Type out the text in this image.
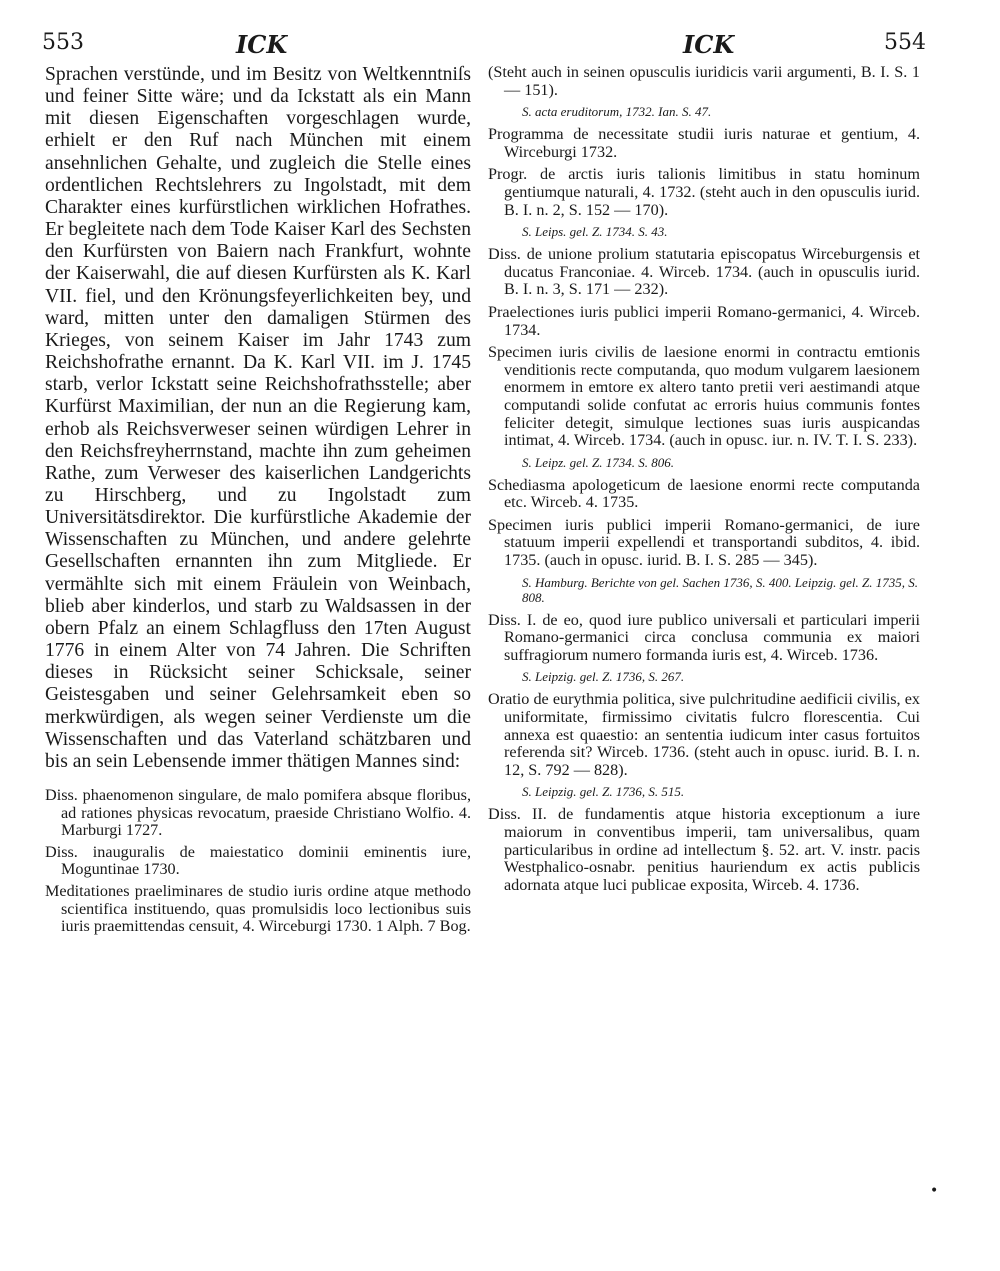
553	ICK	ICK	554

Sprachen verstünde, und im Besitz von Weltkenntniſs und feiner Sitte wäre; und da Ickstatt als ein Mann mit diesen Eigenschaften vorgeschlagen wurde, erhielt er den Ruf nach München mit einem ansehnlichen Gehalte, und zugleich die Stelle eines ordentlichen Rechtslehrers zu Ingolstadt, mit dem Charakter eines kurfürstlichen wirklichen Hofrathes. Er begleitete nach dem Tode Kaiser Karl des Sechsten den Kurfürsten von Baiern nach Frankfurt, wohnte der Kaiserwahl, die auf diesen Kurfürsten als K. Karl VII. fiel, und den Krönungsfeyerlichkeiten bey, und ward, mitten unter den damaligen Stürmen des Krieges, von seinem Kaiser im Jahr 1743 zum Reichshofrathe ernannt. Da K. Karl VII. im J. 1745 starb, verlor Ickstatt seine Reichshofrathsstelle; aber Kurfürst Maximilian, der nun an die Regierung kam, erhob als Reichsverweser seinen würdigen Lehrer in den Reichsfreyherrnstand, machte ihn zum geheimen Rathe, zum Verweser des kaiserlichen Landgerichts zu Hirschberg, und zu Ingolstadt zum Universitätsdirektor. Die kurfürstliche Akademie der Wissenschaften zu München, und andere gelehrte Gesellschaften ernannten ihn zum Mitgliede. Er vermählte sich mit einem Fräulein von Weinbach, blieb aber kinderlos, und starb zu Waldsassen in der obern Pfalz an einem Schlagfluss den 17ten August 1776 in einem Alter von 74 Jahren. Die Schriften dieses in Rücksicht seiner Schicksale, seiner Geistesgaben und seiner Gelehrsamkeit eben so merkwürdigen, als wegen seiner Verdienste um die Wissenschaften und das Vaterland schätzbaren und bis an sein Lebensende immer thätigen Mannes sind:

Diss. phaenomenon singulare, de malo pomifera absque floribus, ad rationes physicas revocatum, praeside Christiano Wolfio. 4. Marburgi 1727.

Diss. inauguralis de maiestatico dominii eminentis iure, Moguntinae 1730.

Meditationes praeliminares de studio iuris ordine atque methodo scientifica instituendo, quas promulsidis loco lectionibus suis iuris praemittendas censuit, 4. Wirceburgi 1730. 1 Alph. 7 Bog.

(Steht auch in seinen opusculis iuridicis varii argumenti, B. I. S. 1 — 151).

S. acta eruditorum, 1732. Ian. S. 47.

Programma de necessitate studii iuris naturae et gentium, 4. Wirceburgi 1732.

Progr. de arctis iuris talionis limitibus in statu hominum gentiumque naturali, 4. 1732. (steht auch in den opusculis iurid. B. I. n. 2, S. 152 — 170).

S. Leips. gel. Z. 1734. S. 43.

Diss. de unione prolium statutaria episcopatus Wirceburgensis et ducatus Franconiae. 4. Wirceb. 1734. (auch in opusculis iurid. B. I. n. 3, S. 171 — 232).

Praelectiones iuris publici imperii Romano-germanici, 4. Wirceb. 1734.

Specimen iuris civilis de laesione enormi in contractu emtionis venditionis recte computanda, quo modum vulgarem laesionem enormem in emtore ex altero tanto pretii veri aestimandi atque computandi solide confutat ac erroris huius communis fontes feliciter detegit, simulque lectiones suas iuris auspicandas intimat, 4. Wirceb. 1734. (auch in opusc. iur. n. IV. T. I. S. 233).

S. Leipz. gel. Z. 1734. S. 806.

Schediasma apologeticum de laesione enormi recte computanda etc. Wirceb. 4. 1735.

Specimen iuris publici imperii Romano-germanici, de iure statuum imperii expellendi et transportandi subditos, 4. ibid. 1735. (auch in opusc. iurid. B. I. S. 285 — 345).

S. Hamburg. Berichte von gel. Sachen 1736, S. 400. Leipzig. gel. Z. 1735, S. 808.

Diss. I. de eo, quod iure publico universali et particulari imperii Romano-germanici circa conclusa communia ex maiori suffragiorum numero formanda iuris est, 4. Wirceb. 1736.

S. Leipzig. gel. Z. 1736, S. 267.

Oratio de eurythmia politica, sive pulchritudine aedificii civilis, ex uniformitate, firmissimo civitatis fulcro florescentia. Cui annexa est quaestio: an sententia iudicum inter casus fortuitos referenda sit? Wirceb. 1736. (steht auch in opusc. iurid. B. I. n. 12, S. 792 — 828).

S. Leipzig. gel. Z. 1736, S. 515.

Diss. II. de fundamentis atque historia exceptionum a iure maiorum in conventibus imperii, tam universalibus, quam particularibus in ordine ad intellectum §. 52. art. V. instr. pacis Westphalico-osnabr. penitius hauriendum ex actis publicis adornata atque luci publicae exposita, Wirceb. 4. 1736.

•
